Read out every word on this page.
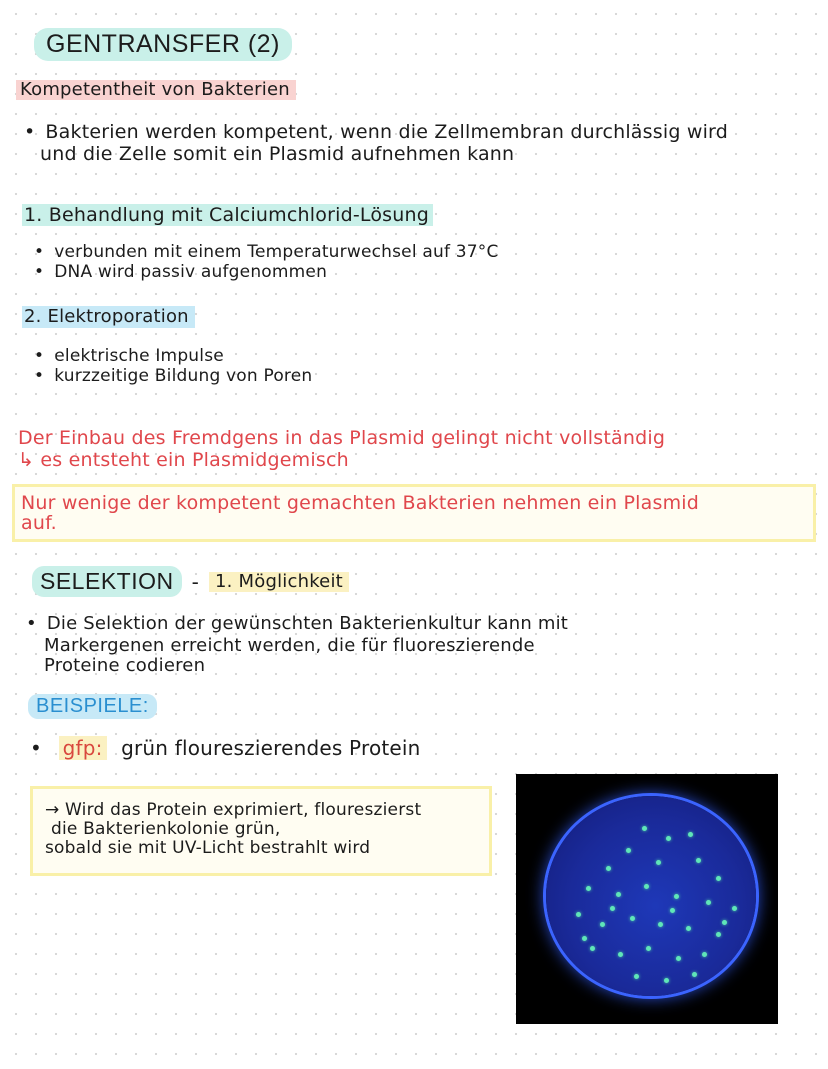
GENTRANSFER (2)
Kompetentheit von Bakterien
• Bakterien werden kompetent, wenn die Zellmembran durchlässig wird
und die Zelle somit ein Plasmid aufnehmen kann
1. Behandlung mit Calciumchlorid-Lösung
• verbunden mit einem Temperaturwechsel auf 37°C
• DNA wird passiv aufgenommen
2. Elektroporation
• elektrische Impulse
• kurzzeitige Bildung von Poren
Der Einbau des Fremdgens in das Plasmid gelingt nicht vollständig
↳ es entsteht ein Plasmidgemisch
Nur wenige der kompetent gemachten Bakterien nehmen ein Plasmid
auf.
SELEKTION - 1. Möglichkeit
• Die Selektion der gewünschten Bakterienkultur kann mit
Markergenen erreicht werden, die für fluoreszierende
Proteine codieren
BEISPIELE:
• gfp: grün floureszierendes Protein
→ Wird das Protein exprimiert, floureszierst
die Bakterienkolonie grün,
sobald sie mit UV-Licht bestrahlt wird
